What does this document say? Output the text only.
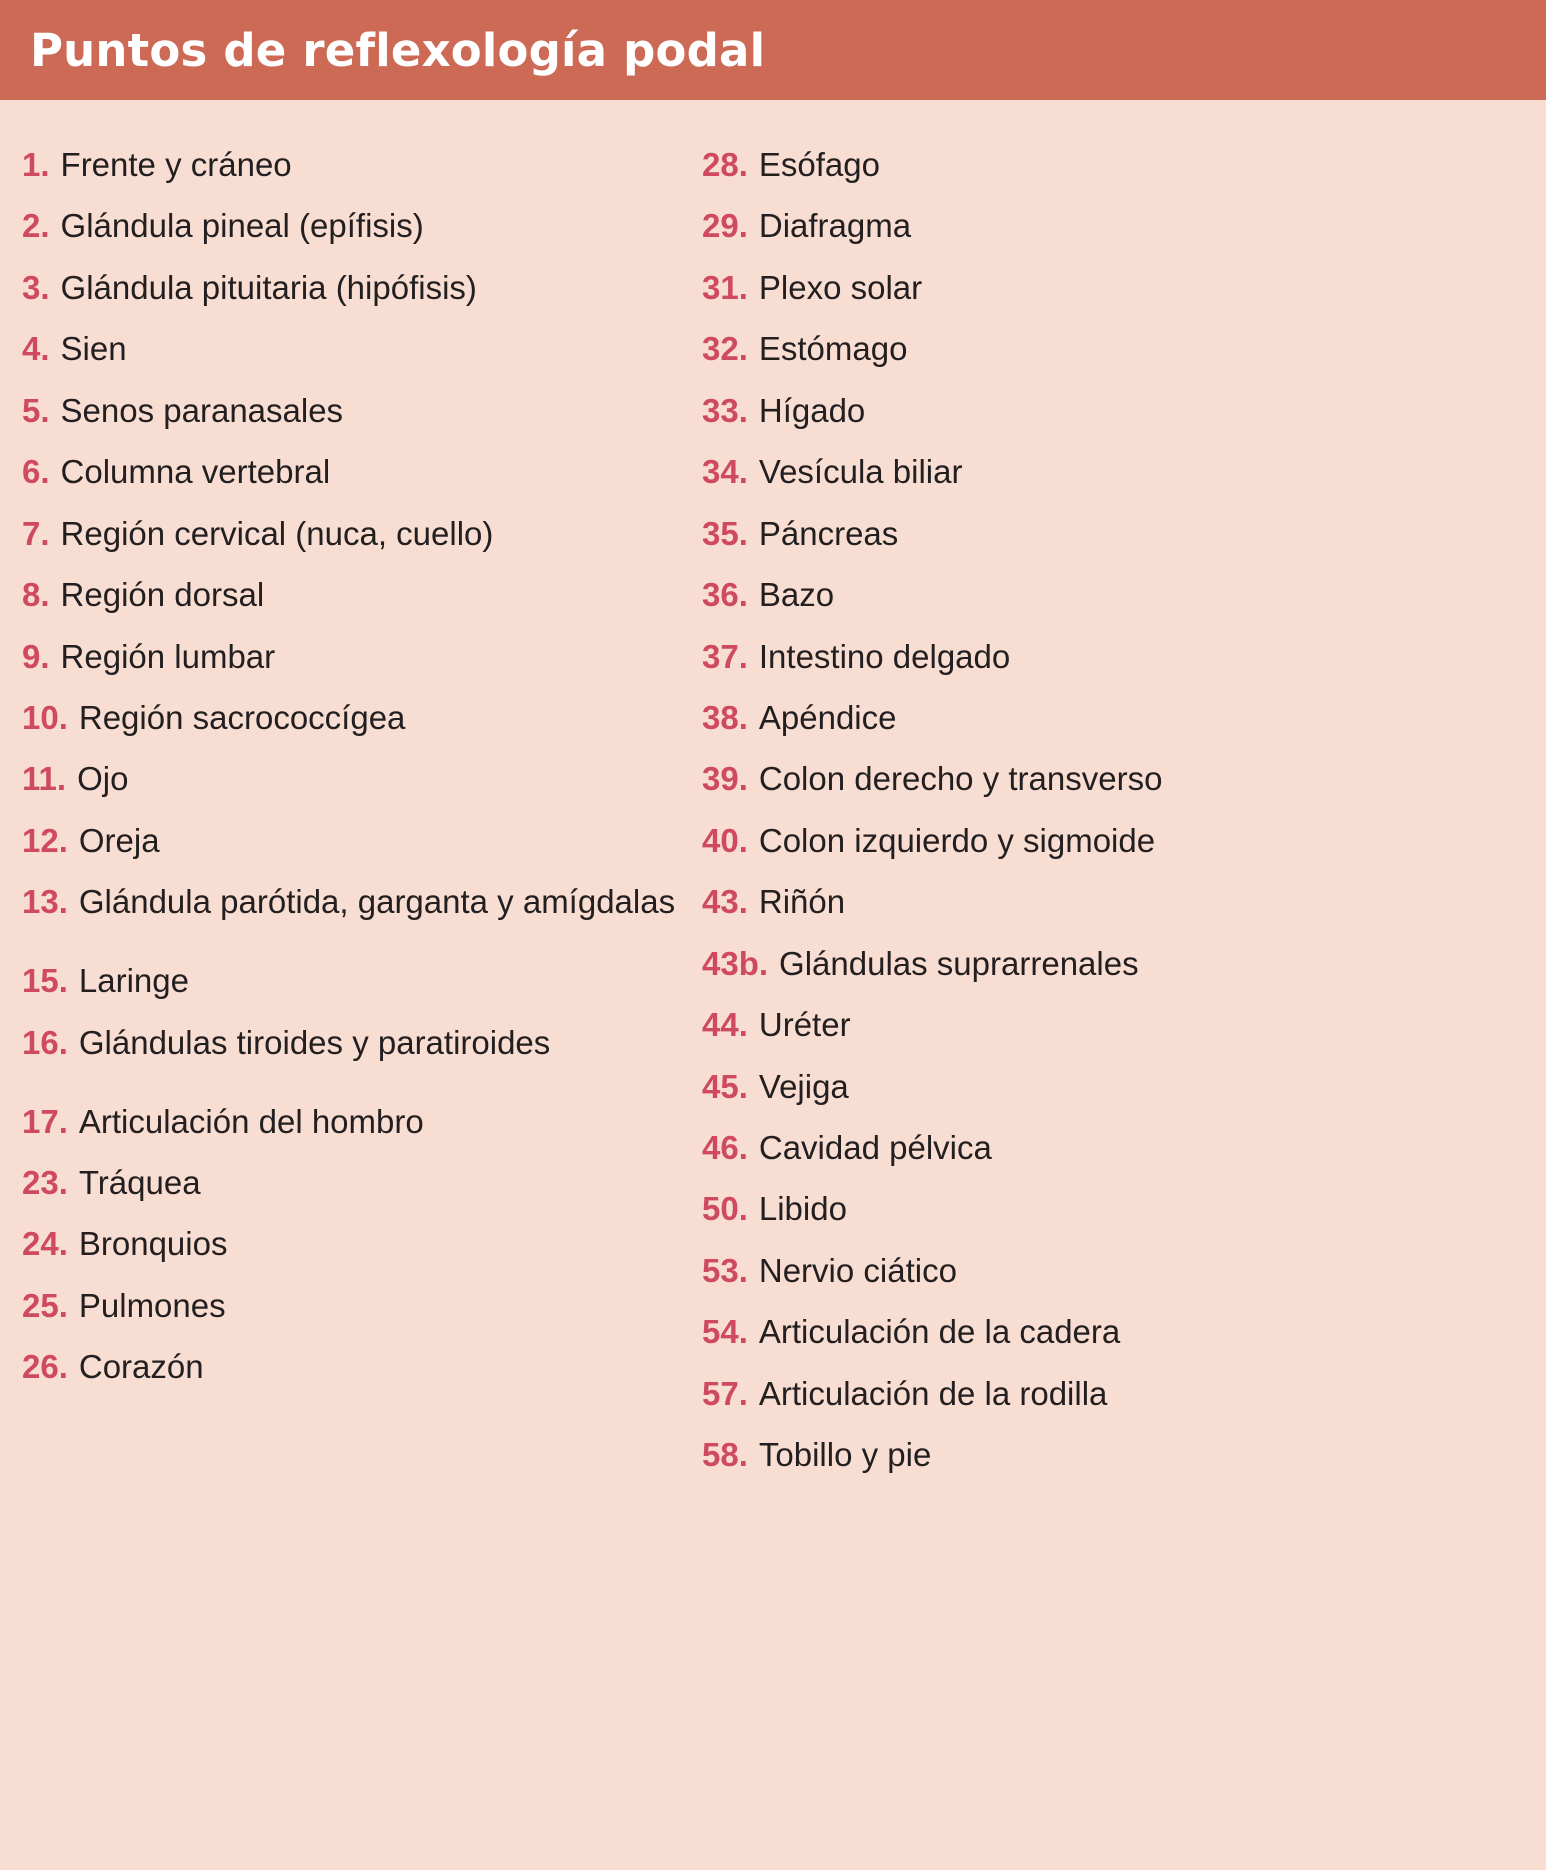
Puntos de reflexología podal
1. Frente y cráneo
2. Glándula pineal (epífisis)
3. Glándula pituitaria (hipófisis)
4. Sien
5. Senos paranasales
6. Columna vertebral
7. Región cervical (nuca, cuello)
8. Región dorsal
9. Región lumbar
10. Región sacrococcígea
11. Ojo
12. Oreja
13. Glándula parótida, garganta y amígdalas
15. Laringe
16. Glándulas tiroides y paratiroides
17. Articulación del hombro
23. Tráquea
24. Bronquios
25. Pulmones
26. Corazón
28. Esófago
29. Diafragma
31. Plexo solar
32. Estómago
33. Hígado
34. Vesícula biliar
35. Páncreas
36. Bazo
37. Intestino delgado
38. Apéndice
39. Colon derecho y transverso
40. Colon izquierdo y sigmoide
43. Riñón
43b. Glándulas suprarrenales
44. Uréter
45. Vejiga
46. Cavidad pélvica
50. Libido
53. Nervio ciático
54. Articulación de la cadera
57. Articulación de la rodilla
58. Tobillo y pie
